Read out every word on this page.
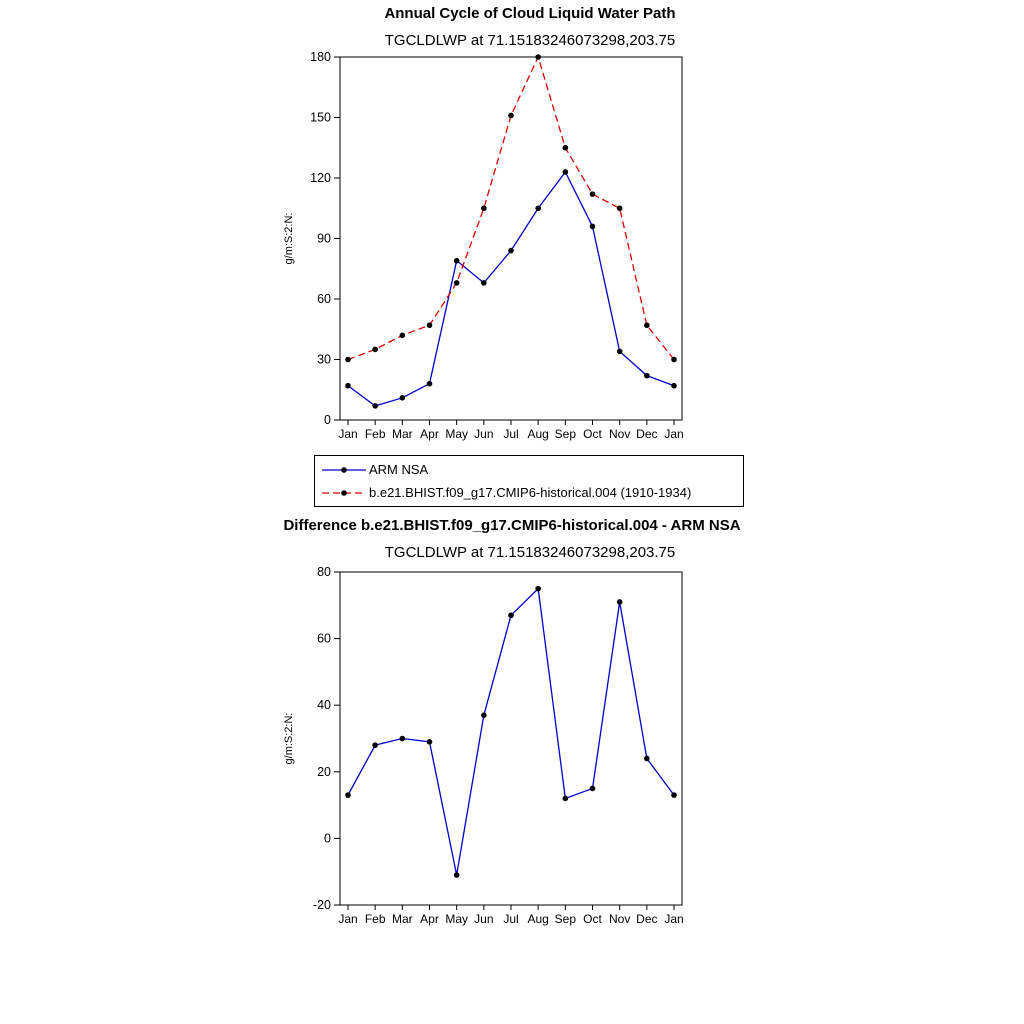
Annual Cycle of Cloud Liquid Water Path
TGCLDLWP at 71.15183246073298,203.75
0
30
60
90
120
150
180
Jan Feb Mar Apr May Jun Jul Aug Sep Oct Nov Dec Jan
g/m:S:2:N:
ARM NSA
b.e21.BHIST.f09_g17.CMIP6-historical.004 (1910-1934)
Difference b.e21.BHIST.f09_g17.CMIP6-historical.004 - ARM NSA
TGCLDLWP at 71.15183246073298,203.75
-20
0
20
40
60
80
Jan Feb Mar Apr May Jun Jul Aug Sep Oct Nov Dec Jan
g/m:S:2:N:
